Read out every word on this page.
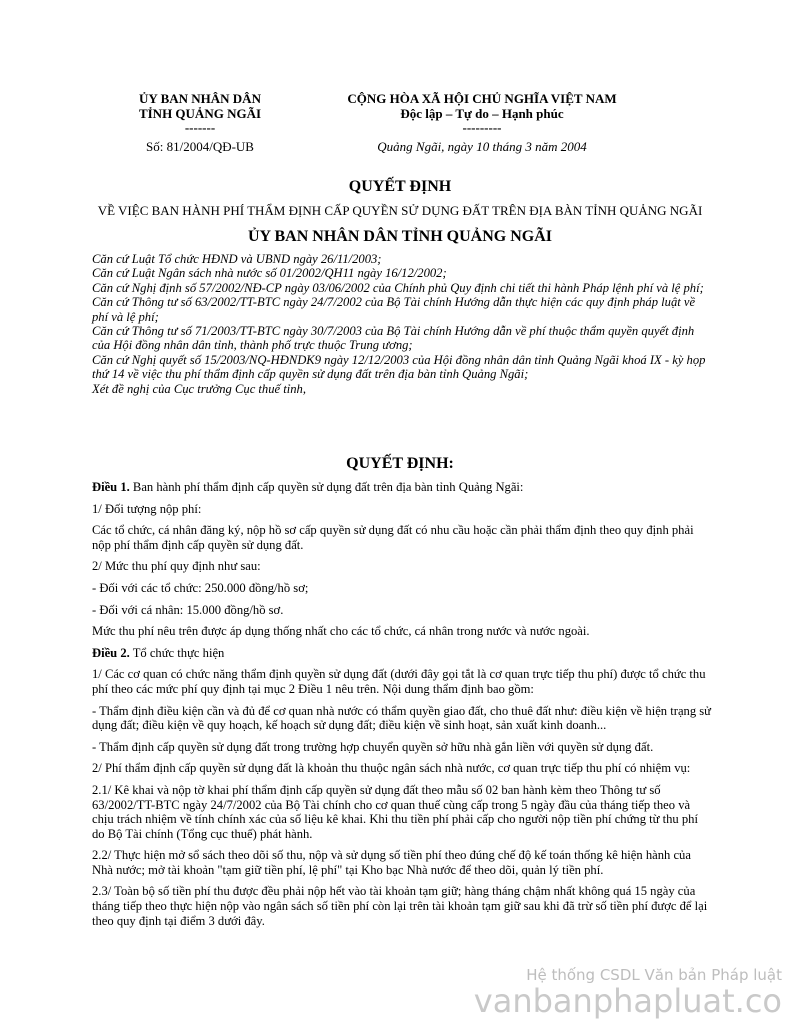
ỦY BAN NHÂN DÂN
TỈNH QUẢNG NGÃI
-------
Số: 81/2004/QĐ-UB
CỘNG HÒA XÃ HỘI CHỦ NGHĨA VIỆT NAM
Độc lập – Tự do – Hạnh phúc
---------
Quảng Ngãi, ngày 10 tháng 3 năm 2004
QUYẾT ĐỊNH
VỀ VIỆC BAN HÀNH PHÍ THẨM ĐỊNH CẤP QUYỀN SỬ DỤNG ĐẤT TRÊN ĐỊA BÀN TỈNH QUẢNG NGÃI
ỦY BAN NHÂN DÂN TỈNH QUẢNG NGÃI

Căn cứ Luật Tổ chức HĐND và UBND ngày 26/11/2003;

Căn cứ Luật Ngân sách nhà nước số 01/2002/QH11 ngày 16/12/2002;

Căn cứ Nghị định số 57/2002/NĐ-CP ngày 03/06/2002 của Chính phủ Quy định chi tiết thi hành Pháp lệnh phí và lệ phí;

Căn cứ Thông tư số 63/2002/TT-BTC ngày 24/7/2002 của Bộ Tài chính Hướng dẫn thực hiện các quy định pháp luật về phí và lệ phí;

Căn cứ Thông tư số 71/2003/TT-BTC ngày 30/7/2003 của Bộ Tài chính Hướng dẫn về phí thuộc thẩm quyền quyết định của Hội đồng nhân dân tỉnh, thành phố trực thuộc Trung ương;

Căn cứ Nghị quyết số 15/2003/NQ-HĐNDK9 ngày 12/12/2003 của Hội đồng nhân dân tỉnh Quảng Ngãi khoá IX - kỳ họp thứ 14 về việc thu phí thẩm định cấp quyền sử dụng đất trên địa bàn tỉnh Quảng Ngãi;

Xét đề nghị của Cục trưởng Cục thuế tỉnh,

QUYẾT ĐỊNH:

Điều 1. Ban hành phí thẩm định cấp quyền sử dụng đất trên địa bàn tỉnh Quảng Ngãi:

1/ Đối tượng nộp phí:

Các tổ chức, cá nhân đăng ký, nộp hồ sơ cấp quyền sử dụng đất có nhu cầu hoặc cần phải thẩm định theo quy định phải nộp phí thẩm định cấp quyền sử dụng đất.

2/ Mức thu phí quy định như sau:

- Đối với các tổ chức: 250.000 đồng/hồ sơ;

- Đối với cá nhân: 15.000 đồng/hồ sơ.

Mức thu phí nêu trên được áp dụng thống nhất cho các tổ chức, cá nhân trong nước và nước ngoài.

Điều 2. Tổ chức thực hiện

1/ Các cơ quan có chức năng thẩm định quyền sử dụng đất (dưới đây gọi tắt là cơ quan trực tiếp thu phí) được tổ chức thu phí theo các mức phí quy định tại mục 2 Điều 1 nêu trên. Nội dung thẩm định bao gồm:

- Thẩm định điều kiện cần và đủ để cơ quan nhà nước có thẩm quyền giao đất, cho thuê đất như: điều kiện về hiện trạng sử dụng đất; điều kiện về quy hoạch, kế hoạch sử dụng đất; điều kiện về sinh hoạt, sản xuất kinh doanh...

- Thẩm định cấp quyền sử dụng đất trong trường hợp chuyển quyền sở hữu nhà gắn liền với quyền sử dụng đất.

2/ Phí thẩm định cấp quyền sử dụng đất là khoản thu thuộc ngân sách nhà nước, cơ quan trực tiếp thu phí có nhiệm vụ:

2.1/ Kê khai và nộp tờ khai phí thẩm định cấp quyền sử dụng đất theo mẫu số 02 ban hành kèm theo Thông tư số 63/2002/TT-BTC ngày 24/7/2002 của Bộ Tài chính cho cơ quan thuế cùng cấp trong 5 ngày đầu của tháng tiếp theo và chịu trách nhiệm về tính chính xác của số liệu kê khai. Khi thu tiền phí phải cấp cho người nộp tiền phí chứng từ thu phí do Bộ Tài chính (Tổng cục thuế) phát hành.

2.2/ Thực hiện mở sổ sách theo dõi số thu, nộp và sử dụng số tiền phí theo đúng chế độ kế toán thống kê hiện hành của Nhà nước; mở tài khoản "tạm giữ tiền phí, lệ phí" tại Kho bạc Nhà nước để theo dõi, quản lý tiền phí.

2.3/ Toàn bộ số tiền phí thu được đều phải nộp hết vào tài khoản tạm giữ; hàng tháng chậm nhất không quá 15 ngày của tháng tiếp theo thực hiện nộp vào ngân sách số tiền phí còn lại trên tài khoản tạm giữ sau khi đã trừ số tiền phí được để lại theo quy định tại điểm 3 dưới đây.

Hệ thống CSDL Văn bản Pháp luật
vanbanphapluat.co
